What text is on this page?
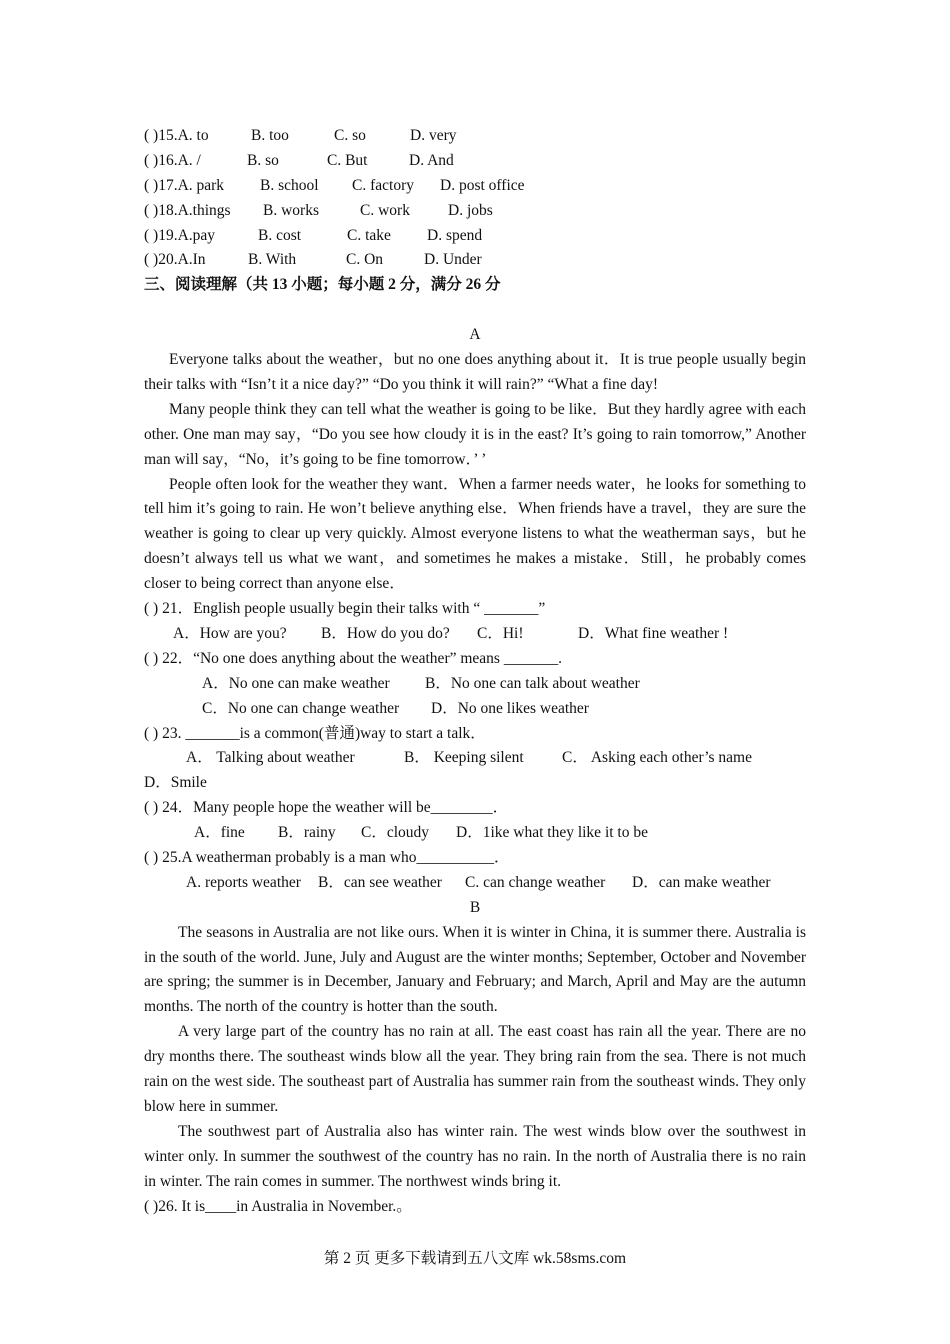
( )15.A. to	B. too	C. so	D. very
( )16.A. /	B. so	C. But	D. And
( )17.A. park B. school C. factory D. post office
( )18.A.things B. works	C. work D. jobs
( )19.A.pay	B. cost	C. take D. spend
( )20.A.In	B. With	C. On	D. Under
三、阅读理解（共 13 小题；每小题 2 分，满分 26 分
A
Everyone talks about the weather，but no one does anything about it．It is true people usually begin their talks with “Isn’t it a nice day?” “Do you think it will rain?” “What a fine day!
Many people think they can tell what the weather is going to be like．But they hardly agree with each other. One man may say，“Do you see how cloudy it is in the east? It’s going to rain tomorrow,” Another man will say，“No，it’s going to be fine tomorrow．’ ’
People often look for the weather they want．When a farmer needs water，he looks for something to tell him it’s going to rain. He won’t believe anything else．When friends have a travel，they are sure the weather is going to clear up very quickly. Almost everyone listens to what the weatherman says，but he doesn’t always tell us what we want，and sometimes he makes a mistake．Still，he probably comes closer to being correct than anyone else．
( ) 21．English people usually begin their talks with “ _______”
A．How are you? B．How do you do? C．Hi!	D．What fine weather !
( ) 22．“No one does anything about the weather” means _______.
A．No one can make weather B．No one can talk about weather
C．No one can change weather D．No one likes weather
( ) 23. _______is a common(普通)way to start a talk．
A． Talking about weather	B． Keeping silent C． Asking each other’s name
D．Smile
( ) 24．Many people hope the weather will be________．
A．fine B．rainy C．cloudy D．1ike what they like it to be
( ) 25.A weatherman probably is a man who__________．
A. reports weather B．can see weather C. can change weather D．can make weather
B
The seasons in Australia are not like ours. When it is winter in China, it is summer there. Australia is in the south of the world. June, July and August are the winter months; September, October and November are spring; the summer is in December, January and February; and March, April and May are the autumn months. The north of the country is hotter than the south.
A very large part of the country has no rain at all. The east coast has rain all the year. There are no dry months there. The southeast winds blow all the year. They bring rain from the sea. There is not much rain on the west side. The southeast part of Australia has summer rain from the southeast winds. They only blow here in summer.
The southwest part of Australia also has winter rain. The west winds blow over the southwest in winter only. In summer the southwest of the country has no rain. In the north of Australia there is no rain in winter. The rain comes in summer. The northwest winds bring it.
( )26. It is____in Australia in November.。
第 2 页 更多下载请到五八文库 wk.58sms.com
